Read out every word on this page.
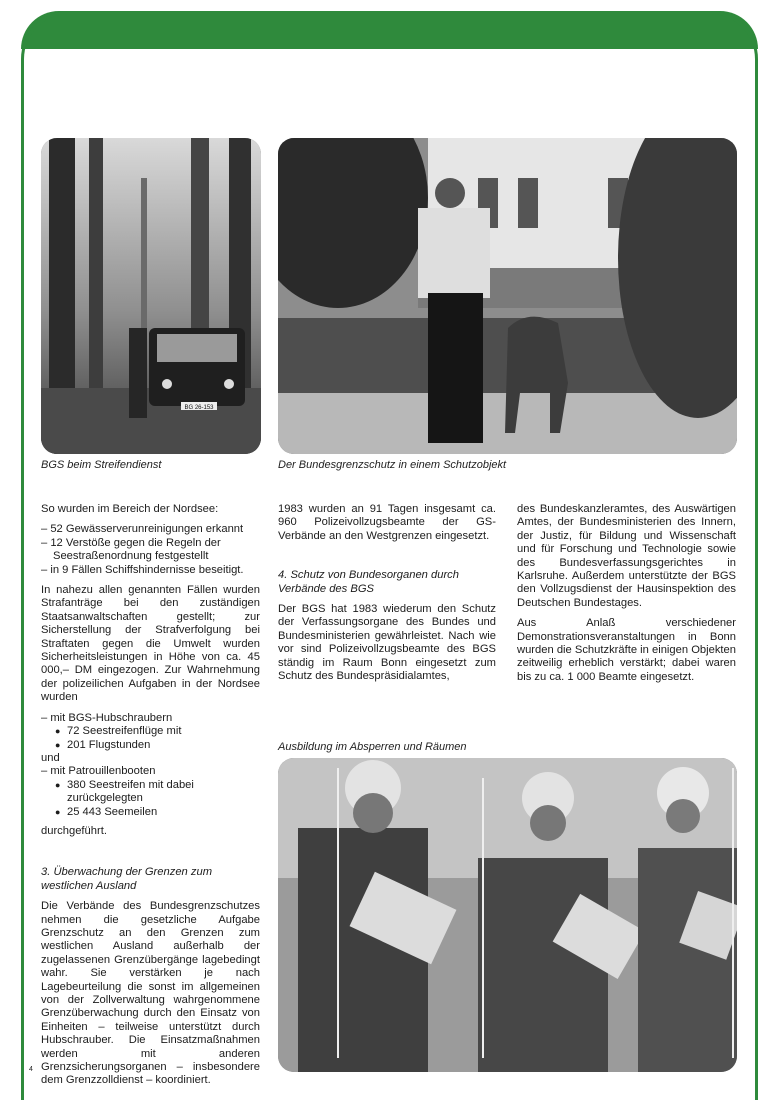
BG 26-153
BGS beim Streifendienst	Der Bundesgrenzschutz in einem Schutzobjekt

So wurden im Bereich der Nordsee:

– 52 Gewässerverunreinigungen erkannt
– 12 Verstöße gegen die Regeln der Seestraßenordnung festgestellt
– in 9 Fällen Schiffshindernisse beseitigt.

In nahezu allen genannten Fällen wurden Strafanträge bei den zuständigen Staatsanwaltschaften gestellt; zur Sicherstellung der Strafverfolgung bei Straftaten gegen die Umwelt wurden Sicherheitsleistungen in Höhe von ca. 45 000,– DM eingezogen. Zur Wahrnehmung der polizeilichen Aufgaben in der Nordsee wurden

– mit BGS-Hubschraubern
● 72 Seestreifenflüge mit
● 201 Flugstunden
und
– mit Patrouillenbooten
● 380 Seestreifen mit dabei zurückgelegten
● 25 443 Seemeilen
durchgeführt.
3. Überwachung der Grenzen zum westlichen Ausland

Die Verbände des Bundesgrenzschutzes nehmen die gesetzliche Aufgabe Grenzschutz an den Grenzen zum westlichen Ausland außerhalb der zugelassenen Grenzübergänge lagebedingt wahr. Sie verstärken je nach Lagebeurteilung die sonst im allgemeinen von der Zollverwaltung wahrgenommene Grenzüberwachung durch den Einsatz von Einheiten – teilweise unterstützt durch Hubschrauber. Die Einsatzmaßnahmen werden mit anderen Grenzsicherungsorganen – insbesondere dem Grenzzolldienst – koordiniert.

1983 wurden an 91 Tagen insgesamt ca. 960 Polizeivollzugsbeamte der GS-Verbände an den Westgrenzen eingesetzt.

4. Schutz von Bundesorganen durch Verbände des BGS

Der BGS hat 1983 wiederum den Schutz der Verfassungsorgane des Bundes und Bundesministerien gewährleistet. Nach wie vor sind Polizeivollzugsbeamte des BGS ständig im Raum Bonn eingesetzt zum Schutz des Bundespräsidialamtes,

des Bundeskanzleramtes, des Auswärtigen Amtes, der Bundesministerien des Innern, der Justiz, für Bildung und Wissenschaft und für Forschung und Technologie sowie des Bundesverfassungsgerichtes in Karlsruhe. Außerdem unterstützte der BGS den Vollzugsdienst der Hausinspektion des Deutschen Bundestages.

Aus Anlaß verschiedener Demonstrationsveranstaltungen in Bonn wurden die Schutzkräfte in einigen Objekten zeitweilig erheblich verstärkt; dabei waren bis zu ca. 1 000 Beamte eingesetzt.

Ausbildung im Absperren und Räumen
4
